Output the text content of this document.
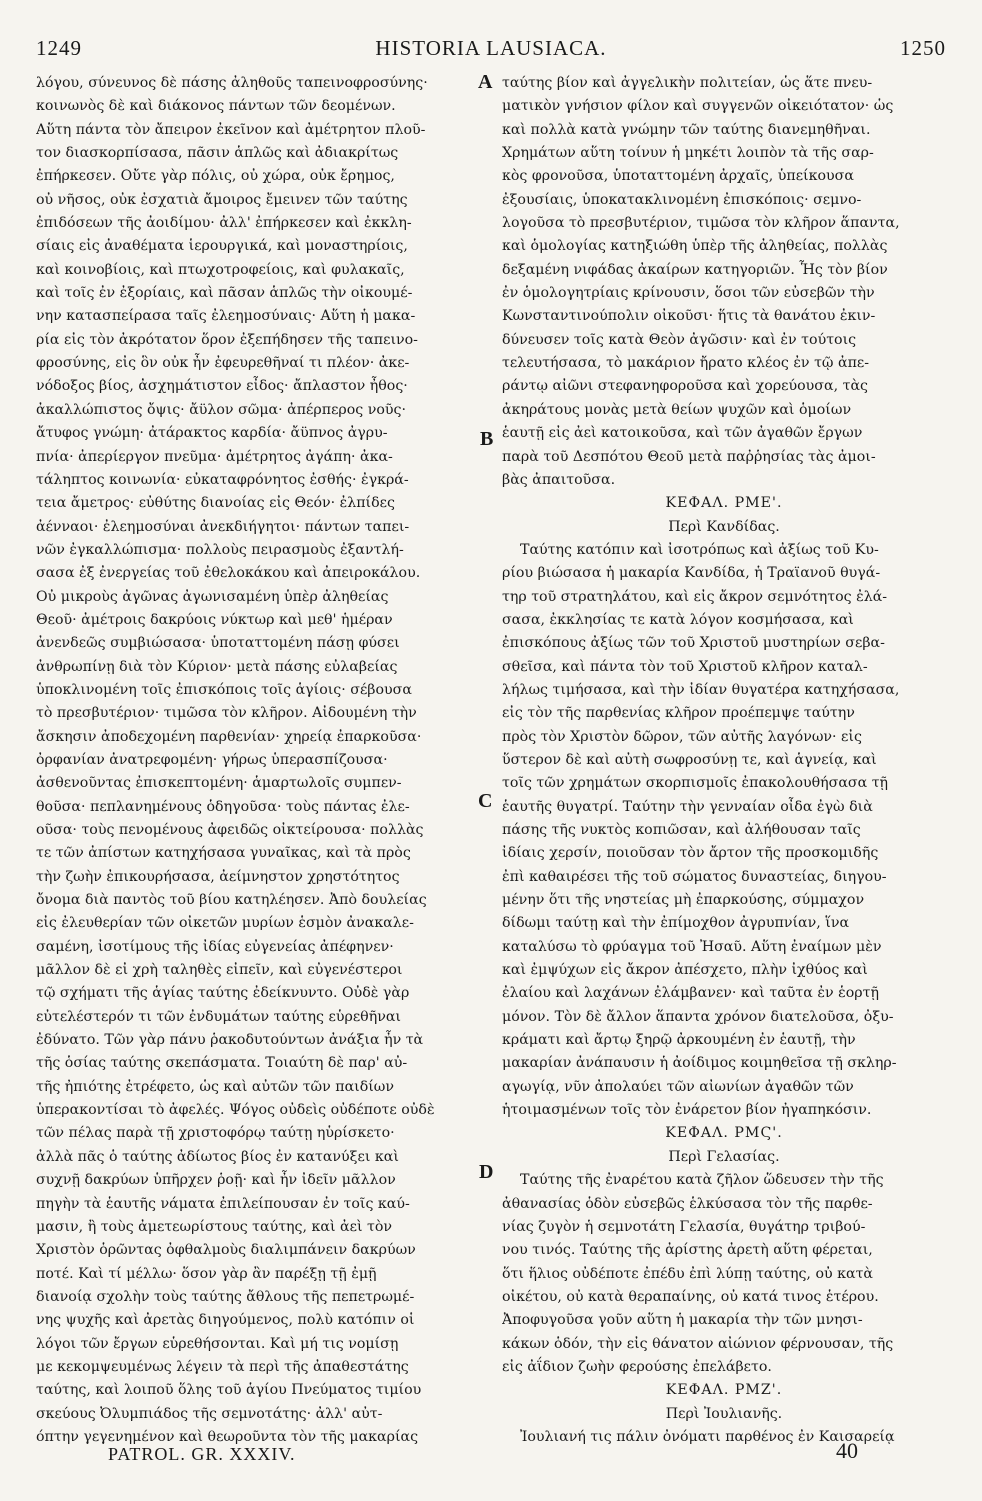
1249	HISTORIA LAUSIACA.	1250
λόγου, σύνευνος δὲ πάσης ἀληθοῦς ταπεινοφροσύνης·
κοινωνὸς δὲ καὶ διάκονος πάντων τῶν δεομένων.
Αὕτη πάντα τὸν ἄπειρον ἐκεῖνον καὶ ἀμέτρητον πλοῦ-
τον διασκορπίσασα, πᾶσιν ἁπλῶς καὶ ἀδιακρίτως
ἐπήρκεσεν. Οὔτε γὰρ πόλις, οὐ χώρα, οὐκ ἔρημος,
οὐ νῆσος, οὐκ ἐσχατιὰ ἄμοιρος ἔμεινεν τῶν ταύτης
ἐπιδόσεων τῆς ἀοιδίμου· ἀλλ' ἐπήρκεσεν καὶ ἐκκλη-
σίαις εἰς ἀναθέματα ἱερουργικά, καὶ μοναστηρίοις,
καὶ κοινοβίοις, καὶ πτωχοτροφείοις, καὶ φυλακαῖς,
καὶ τοῖς ἐν ἐξορίαις, καὶ πᾶσαν ἁπλῶς τὴν οἰκουμέ-
νην κατασπείρασα ταῖς ἐλεημοσύναις· Αὕτη ἡ μακα-
ρία εἰς τὸν ἀκρότατον ὅρον ἐξεπήδησεν τῆς ταπεινο-
φροσύνης, εἰς ὃν οὐκ ἦν ἐφευρεθῆναί τι πλέον· ἀκε-
νόδοξος βίος, ἀσχημάτιστον εἶδος· ἄπλαστον ἦθος·
ἀκαλλώπιστος ὄψις· ἄϋλον σῶμα· ἀπέρπερος νοῦς·
ἄτυφος γνώμη· ἀτάρακτος καρδία· ἄϋπνος ἀγρυ-
πνία· ἀπερίεργον πνεῦμα· ἀμέτρητος ἀγάπη· ἀκα-
τάληπτος κοινωνία· εὐκαταφρόνητος ἐσθής· ἐγκρά-
τεια ἄμετρος· εὐθύτης διανοίας εἰς Θεόν· ἐλπίδες
ἀένναοι· ἐλεημοσύναι ἀνεκδιήγητοι· πάντων ταπει-
νῶν ἐγκαλλώπισμα· πολλοὺς πειρασμοὺς ἐξαντλή-
σασα ἐξ ἐνεργείας τοῦ ἐθελοκάκου καὶ ἀπειροκάλου.
Οὐ μικροὺς ἀγῶνας ἀγωνισαμένη ὑπὲρ ἀληθείας
Θεοῦ· ἀμέτροις δακρύοις νύκτωρ καὶ μεθ' ἡμέραν
ἀνενδεῶς συμβιώσασα· ὑποταττομένη πάσῃ φύσει
ἀνθρωπίνῃ διὰ τὸν Κύριον· μετὰ πάσης εὐλαβείας
ὑποκλινομένη τοῖς ἐπισκόποις τοῖς ἁγίοις· σέβουσα
τὸ πρεσβυτέριον· τιμῶσα τὸν κλῆρον. Αἰδουμένη τὴν
ἄσκησιν ἀποδεχομένη παρθενίαν· χηρείᾳ ἐπαρκοῦσα·
ὀρφανίαν ἀνατρεφομένη· γήρως ὑπερασπίζουσα·
ἀσθενοῦντας ἐπισκεπτομένη· ἁμαρτωλοῖς συμπεν-
θοῦσα· πεπλανημένους ὁδηγοῦσα· τοὺς πάντας ἐλε-
οῦσα· τοὺς πενομένους ἀφειδῶς οἰκτείρουσα· πολλὰς
τε τῶν ἀπίστων κατηχήσασα γυναῖκας, καὶ τὰ πρὸς
τὴν ζωὴν ἐπικουρήσασα, ἀείμνηστον χρηστότητος
ὄνομα διὰ παντὸς τοῦ βίου κατηλέησεν. Ἀπὸ δουλείας
εἰς ἐλευθερίαν τῶν οἰκετῶν μυρίων ἑσμὸν ἀνακαλε-
σαμένη, ἰσοτίμους τῆς ἰδίας εὐγενείας ἀπέφηνεν·
μᾶλλον δὲ εἰ χρὴ ταληθὲς εἰπεῖν, καὶ εὐγενέστεροι
τῷ σχήματι τῆς ἁγίας ταύτης ἐδείκνυντο. Οὐδὲ γὰρ
εὐτελέστερόν τι τῶν ἐνδυμάτων ταύτης εὑρεθῆναι
ἐδύνατο. Τῶν γὰρ πάνυ ῥακοδυτούντων ἀνάξια ἦν τὰ
τῆς ὁσίας ταύτης σκεπάσματα. Τοιαύτη δὲ παρ' αὐ-
τῆς ἠπιότης ἐτρέφετο, ὡς καὶ αὐτῶν τῶν παιδίων
ὑπερακοντίσαι τὸ ἀφελές. Ψόγος οὐδεὶς οὐδέποτε οὐδὲ
τῶν πέλας παρὰ τῇ χριστοφόρῳ ταύτῃ ηὑρίσκετο·
ἀλλὰ πᾶς ὁ ταύτης ἀδίωτος βίος ἐν κατανύξει καὶ
συχνῇ δακρύων ὑπῆρχεν ῥοῇ· καὶ ἦν ἰδεῖν μᾶλλον
πηγὴν τὰ ἑαυτῆς νάματα ἐπιλείπουσαν ἐν τοῖς καύ-
μασιν, ἢ τοὺς ἀμετεωρίστους ταύτης, καὶ ἀεὶ τὸν
Χριστὸν ὁρῶντας ὀφθαλμοὺς διαλιμπάνειν δακρύων
ποτέ. Καὶ τί μέλλω· ὅσον γὰρ ἂν παρέξῃ τῇ ἐμῇ
διανοίᾳ σχολὴν τοὺς ταύτης ἄθλους τῆς πεπετρωμέ-
νης ψυχῆς καὶ ἀρετὰς διηγούμενος, πολὺ κατόπιν οἱ
λόγοι τῶν ἔργων εὑρεθήσονται. Καὶ μή τις νομίσῃ
με κεκομψευμένως λέγειν τὰ περὶ τῆς ἀπαθεστάτης
ταύτης, καὶ λοιποῦ ὅλης τοῦ ἁγίου Πνεύματος τιμίου
σκεύους Ὀλυμπιάδος τῆς σεμνοτάτης· ἀλλ' αὐτ-
όπτην γεγενημένον καὶ θεωροῦντα τὸν τῆς μακαρίας
A
B
C
D
ταύτης βίον καὶ ἀγγελικὴν πολιτείαν, ὡς ἅτε πνευ-
ματικὸν γνήσιον φίλον καὶ συγγενῶν οἰκειότατον· ὡς
καὶ πολλὰ κατὰ γνώμην τῶν ταύτης διανεμηθῆναι.
Χρημάτων αὕτη τοίνυν ἡ μηκέτι λοιπὸν τὰ τῆς σαρ-
κὸς φρονοῦσα, ὑποταττομένη ἀρχαῖς, ὑπείκουσα
ἐξουσίαις, ὑποκατακλινομένη ἐπισκόποις· σεμνο-
λογοῦσα τὸ πρεσβυτέριον, τιμῶσα τὸν κλῆρον ἅπαντα,
καὶ ὁμολογίας κατηξιώθη ὑπὲρ τῆς ἀληθείας, πολλὰς
δεξαμένη νιφάδας ἀκαίρων κατηγοριῶν. Ἧς τὸν βίον
ἐν ὁμολογητρίαις κρίνουσιν, ὅσοι τῶν εὐσεβῶν τὴν
Κωνσταντινούπολιν οἰκοῦσι· ἥτις τὰ θανάτου ἐκιν-
δύνευσεν τοῖς κατὰ Θεὸν ἀγῶσιν· καὶ ἐν τούτοις
τελευτήσασα, τὸ μακάριον ἤρατο κλέος ἐν τῷ ἀπε-
ράντῳ αἰῶνι στεφανηφοροῦσα καὶ χορεύουσα, τὰς
ἀκηράτους μονὰς μετὰ θείων ψυχῶν καὶ ὁμοίων
ἑαυτῇ εἰς ἀεὶ κατοικοῦσα, καὶ τῶν ἀγαθῶν ἔργων
παρὰ τοῦ Δεσπότου Θεοῦ μετὰ παῤῥησίας τὰς ἀμοι-
βὰς ἀπαιτοῦσα.
ΚΕΦΑΛ. ΡΜΕ'.
Περὶ Κανδίδας.
Ταύτης κατόπιν καὶ ἰσοτρόπως καὶ ἀξίως τοῦ Κυ-
ρίου βιώσασα ἡ μακαρία Κανδίδα, ἡ Τραϊανοῦ θυγά-
τηρ τοῦ στρατηλάτου, καὶ εἰς ἄκρον σεμνότητος ἐλά-
σασα, ἐκκλησίας τε κατὰ λόγον κοσμήσασα, καὶ
ἐπισκόπους ἀξίως τῶν τοῦ Χριστοῦ μυστηρίων σεβα-
σθεῖσα, καὶ πάντα τὸν τοῦ Χριστοῦ κλῆρον καταλ-
λήλως τιμήσασα, καὶ τὴν ἰδίαν θυγατέρα κατηχήσασα,
εἰς τὸν τῆς παρθενίας κλῆρον προέπεμψε ταύτην
πρὸς τὸν Χριστὸν δῶρον, τῶν αὐτῆς λαγόνων· εἰς
ὕστερον δὲ καὶ αὐτὴ σωφροσύνῃ τε, καὶ ἁγνείᾳ, καὶ
τοῖς τῶν χρημάτων σκορπισμοῖς ἐπακολουθήσασα τῇ
ἑαυτῆς θυγατρί. Ταύτην τὴν γενναίαν οἶδα ἐγὼ διὰ
πάσης τῆς νυκτὸς κοπιῶσαν, καὶ ἀλήθουσαν ταῖς
ἰδίαις χερσίν, ποιοῦσαν τὸν ἄρτον τῆς προσκομιδῆς
ἐπὶ καθαιρέσει τῆς τοῦ σώματος δυναστείας, διηγου-
μένην ὅτι τῆς νηστείας μὴ ἐπαρκούσης, σύμμαχον
δίδωμι ταύτῃ καὶ τὴν ἐπίμοχθον ἀγρυπνίαν, ἵνα
καταλύσω τὸ φρύαγμα τοῦ Ἠσαῦ. Αὕτη ἐναίμων μὲν
καὶ ἐμψύχων εἰς ἄκρον ἀπέσχετο, πλὴν ἰχθύος καὶ
ἐλαίου καὶ λαχάνων ἐλάμβανεν· καὶ ταῦτα ἐν ἑορτῇ
μόνον. Τὸν δὲ ἄλλον ἅπαντα χρόνον διατελοῦσα, ὀξυ-
κράματι καὶ ἄρτῳ ξηρῷ ἀρκουμένη ἐν ἑαυτῇ, τὴν
μακαρίαν ἀνάπαυσιν ἡ ἀοίδιμος κοιμηθεῖσα τῇ σκληρ-
αγωγίᾳ, νῦν ἀπολαύει τῶν αἰωνίων ἀγαθῶν τῶν
ἡτοιμασμένων τοῖς τὸν ἐνάρετον βίον ἠγαπηκόσιν.
ΚΕΦΑΛ. ΡΜϚ'.
Περὶ Γελασίας.
Ταύτης τῆς ἐναρέτου κατὰ ζῆλον ὥδευσεν τὴν τῆς
ἀθανασίας ὁδὸν εὐσεβῶς ἑλκύσασα τὸν τῆς παρθε-
νίας ζυγὸν ἡ σεμνοτάτη Γελασία, θυγάτηρ τριβού-
νου τινός. Ταύτης τῆς ἀρίστης ἀρετὴ αὕτη φέρεται,
ὅτι ἥλιος οὐδέποτε ἐπέδυ ἐπὶ λύπῃ ταύτης, οὐ κατὰ
οἰκέτου, οὐ κατὰ θεραπαίνης, οὐ κατά τινος ἑτέρου.
Ἀποφυγοῦσα γοῦν αὕτη ἡ μακαρία τὴν τῶν μνησι-
κάκων ὁδόν, τὴν εἰς θάνατον αἰώνιον φέρνουσαν, τῆς
εἰς ἀΐδιον ζωὴν φερούσης ἐπελάβετο.
ΚΕΦΑΛ. ΡΜΖ'.
Περὶ Ἰουλιανῆς.
Ἰουλιανή τις πάλιν ὀνόματι παρθένος ἐν Καισαρείᾳ
PATROL. GR. XXXIV.	40
